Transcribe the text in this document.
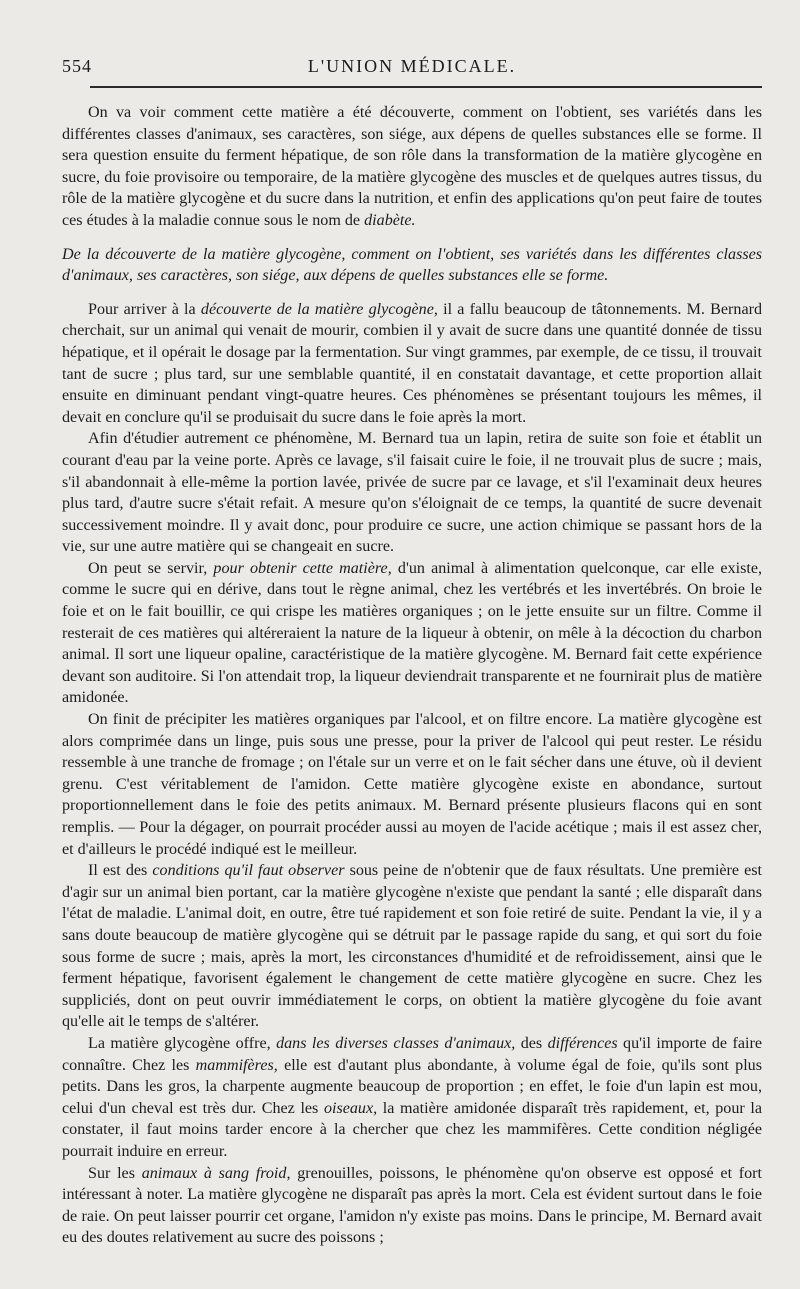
554	L'UNION MÉDICALE.

On va voir comment cette matière a été découverte, comment on l'obtient, ses variétés dans les différentes classes d'animaux, ses caractères, son siége, aux dépens de quelles substances elle se forme. Il sera question ensuite du ferment hépatique, de son rôle dans la transformation de la matière glycogène en sucre, du foie provisoire ou temporaire, de la matière glycogène des muscles et de quelques autres tissus, du rôle de la matière glycogène et du sucre dans la nutrition, et enfin des applications qu'on peut faire de toutes ces études à la maladie connue sous le nom de diabète.

De la découverte de la matière glycogène, comment on l'obtient, ses variétés dans les différentes classes d'animaux, ses caractères, son siége, aux dépens de quelles substances elle se forme.

Pour arriver à la découverte de la matière glycogène, il a fallu beaucoup de tâtonnements. M. Bernard cherchait, sur un animal qui venait de mourir, combien il y avait de sucre dans une quantité donnée de tissu hépatique, et il opérait le dosage par la fermentation. Sur vingt grammes, par exemple, de ce tissu, il trouvait tant de sucre ; plus tard, sur une semblable quantité, il en constatait davantage, et cette proportion allait ensuite en diminuant pendant vingt-quatre heures. Ces phénomènes se présentant toujours les mêmes, il devait en conclure qu'il se produisait du sucre dans le foie après la mort.

Afin d'étudier autrement ce phénomène, M. Bernard tua un lapin, retira de suite son foie et établit un courant d'eau par la veine porte. Après ce lavage, s'il faisait cuire le foie, il ne trouvait plus de sucre ; mais, s'il abandonnait à elle-même la portion lavée, privée de sucre par ce lavage, et s'il l'examinait deux heures plus tard, d'autre sucre s'était refait. A mesure qu'on s'éloignait de ce temps, la quantité de sucre devenait successivement moindre. Il y avait donc, pour produire ce sucre, une action chimique se passant hors de la vie, sur une autre matière qui se changeait en sucre.

On peut se servir, pour obtenir cette matière, d'un animal à alimentation quelconque, car elle existe, comme le sucre qui en dérive, dans tout le règne animal, chez les vertébrés et les invertébrés. On broie le foie et on le fait bouillir, ce qui crispe les matières organiques ; on le jette ensuite sur un filtre. Comme il resterait de ces matières qui altéreraient la nature de la liqueur à obtenir, on mêle à la décoction du charbon animal. Il sort une liqueur opaline, caractéristique de la matière glycogène. M. Bernard fait cette expérience devant son auditoire. Si l'on attendait trop, la liqueur deviendrait transparente et ne fournirait plus de matière amidonée.

On finit de précipiter les matières organiques par l'alcool, et on filtre encore. La matière glycogène est alors comprimée dans un linge, puis sous une presse, pour la priver de l'alcool qui peut rester. Le résidu ressemble à une tranche de fromage ; on l'étale sur un verre et on le fait sécher dans une étuve, où il devient grenu. C'est véritablement de l'amidon. Cette matière glycogène existe en abondance, surtout proportionnellement dans le foie des petits animaux. M. Bernard présente plusieurs flacons qui en sont remplis. — Pour la dégager, on pourrait procéder aussi au moyen de l'acide acétique ; mais il est assez cher, et d'ailleurs le procédé indiqué est le meilleur.

Il est des conditions qu'il faut observer sous peine de n'obtenir que de faux résultats. Une première est d'agir sur un animal bien portant, car la matière glycogène n'existe que pendant la santé ; elle disparaît dans l'état de maladie. L'animal doit, en outre, être tué rapidement et son foie retiré de suite. Pendant la vie, il y a sans doute beaucoup de matière glycogène qui se détruit par le passage rapide du sang, et qui sort du foie sous forme de sucre ; mais, après la mort, les circonstances d'humidité et de refroidissement, ainsi que le ferment hépatique, favorisent également le changement de cette matière glycogène en sucre. Chez les suppliciés, dont on peut ouvrir immédiatement le corps, on obtient la matière glycogène du foie avant qu'elle ait le temps de s'altérer.

La matière glycogène offre, dans les diverses classes d'animaux, des différences qu'il importe de faire connaître. Chez les mammifères, elle est d'autant plus abondante, à volume égal de foie, qu'ils sont plus petits. Dans les gros, la charpente augmente beaucoup de proportion ; en effet, le foie d'un lapin est mou, celui d'un cheval est très dur. Chez les oiseaux, la matière amidonée disparaît très rapidement, et, pour la constater, il faut moins tarder encore à la chercher que chez les mammifères. Cette condition négligée pourrait induire en erreur.

Sur les animaux à sang froid, grenouilles, poissons, le phénomène qu'on observe est opposé et fort intéressant à noter. La matière glycogène ne disparaît pas après la mort. Cela est évident surtout dans le foie de raie. On peut laisser pourrir cet organe, l'amidon n'y existe pas moins. Dans le principe, M. Bernard avait eu des doutes relativement au sucre des poissons ;
